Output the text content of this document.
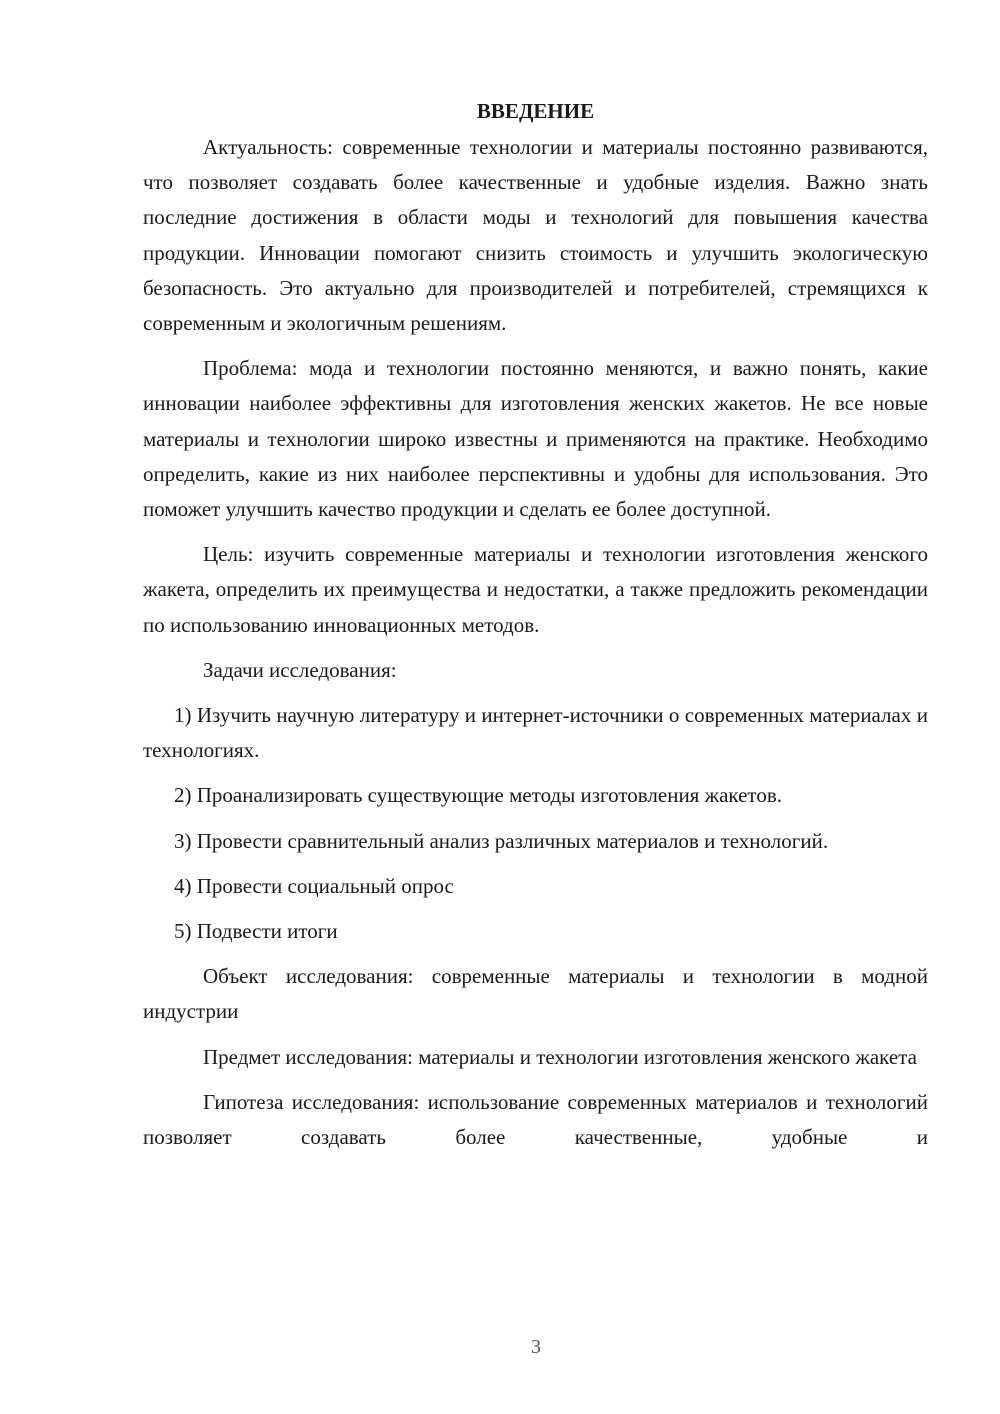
ВВЕДЕНИЕ

Актуальность: современные технологии и материалы постоянно развиваются, что позволяет создавать более качественные и удобные изделия. Важно знать последние достижения в области моды и технологий для повышения качества продукции. Инновации помогают снизить стоимость и улучшить экологическую безопасность. Это актуально для производителей и потребителей, стремящихся к современным и экологичным решениям.

Проблема: мода и технологии постоянно меняются, и важно понять, какие инновации наиболее эффективны для изготовления женских жакетов. Не все новые материалы и технологии широко известны и применяются на практике. Необходимо определить, какие из них наиболее перспективны и удобны для использования. Это поможет улучшить качество продукции и сделать ее более доступной.

Цель: изучить современные материалы и технологии изготовления женского жакета, определить их преимущества и недостатки, а также предложить рекомендации по использованию инновационных методов.

Задачи исследования:

1) Изучить научную литературу и интернет-источники о современных материалах и технологиях.

2) Проанализировать существующие методы изготовления жакетов.

3) Провести сравнительный анализ различных материалов и технологий.

4) Провести социальный опрос

5) Подвести итоги

Объект исследования: современные материалы и технологии в модной индустрии

Предмет исследования: материалы и технологии изготовления женского жакета

Гипотеза исследования: использование современных материалов и технологий позволяет создавать более качественные, удобные и

3
